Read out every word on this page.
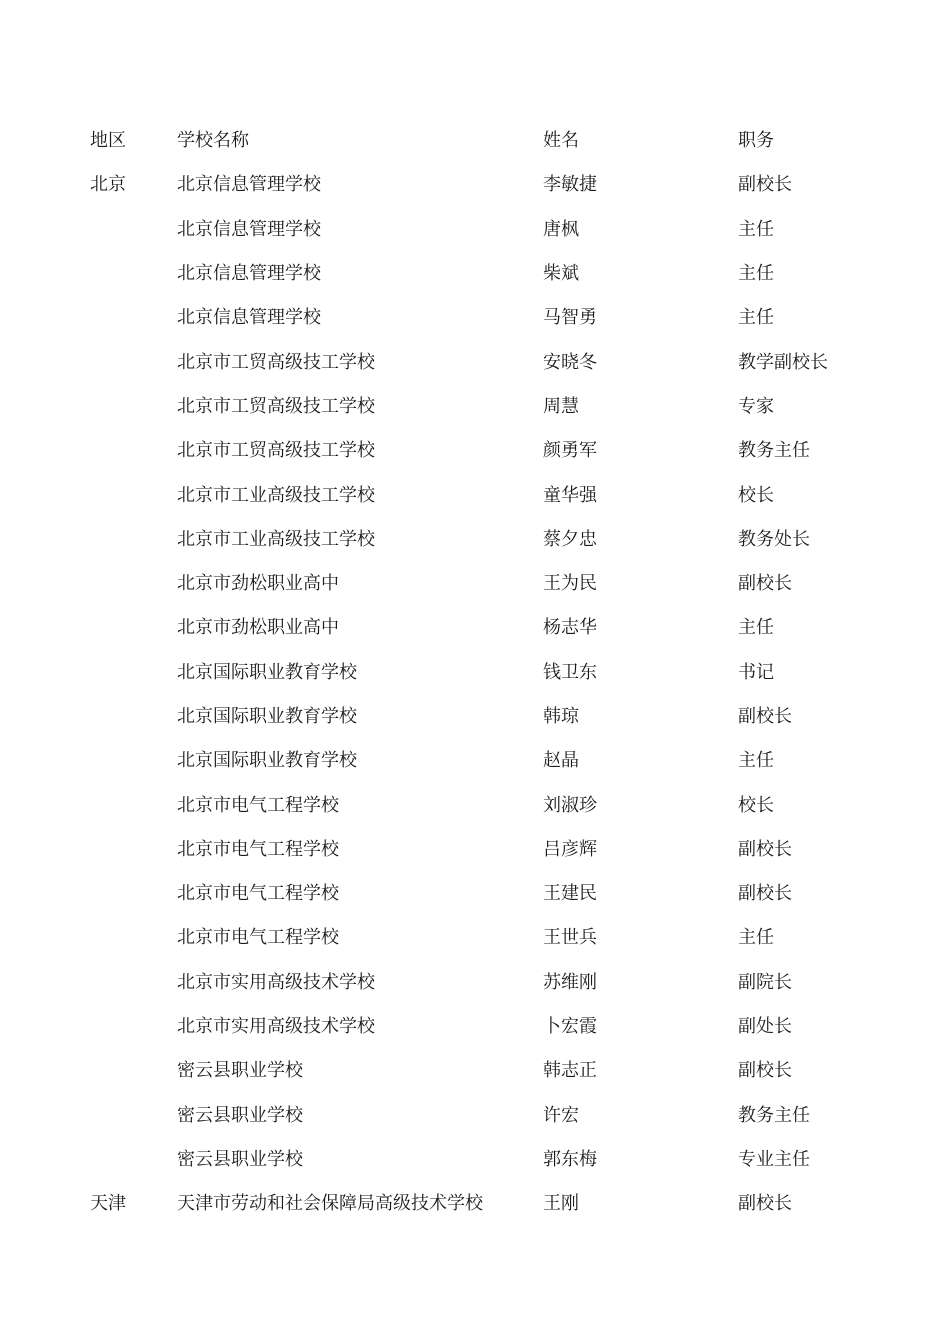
地区	学校名称	姓名	职务
北京	北京信息管理学校	李敏捷	副校长
	北京信息管理学校	唐枫	主任
	北京信息管理学校	柴斌	主任
	北京信息管理学校	马智勇	主任
	北京市工贸高级技工学校	安晓冬	教学副校长
	北京市工贸高级技工学校	周慧	专家
	北京市工贸高级技工学校	颜勇军	教务主任
	北京市工业高级技工学校	童华强	校长
	北京市工业高级技工学校	蔡夕忠	教务处长
	北京市劲松职业高中	王为民	副校长
	北京市劲松职业高中	杨志华	主任
	北京国际职业教育学校	钱卫东	书记
	北京国际职业教育学校	韩琼	副校长
	北京国际职业教育学校	赵晶	主任
	北京市电气工程学校	刘淑珍	校长
	北京市电气工程学校	吕彦辉	副校长
	北京市电气工程学校	王建民	副校长
	北京市电气工程学校	王世兵	主任
	北京市实用高级技术学校	苏维刚	副院长
	北京市实用高级技术学校	卜宏霞	副处长
	密云县职业学校	韩志正	副校长
	密云县职业学校	许宏	教务主任
	密云县职业学校	郭东梅	专业主任
天津	天津市劳动和社会保障局高级技术学校	王刚	副校长
